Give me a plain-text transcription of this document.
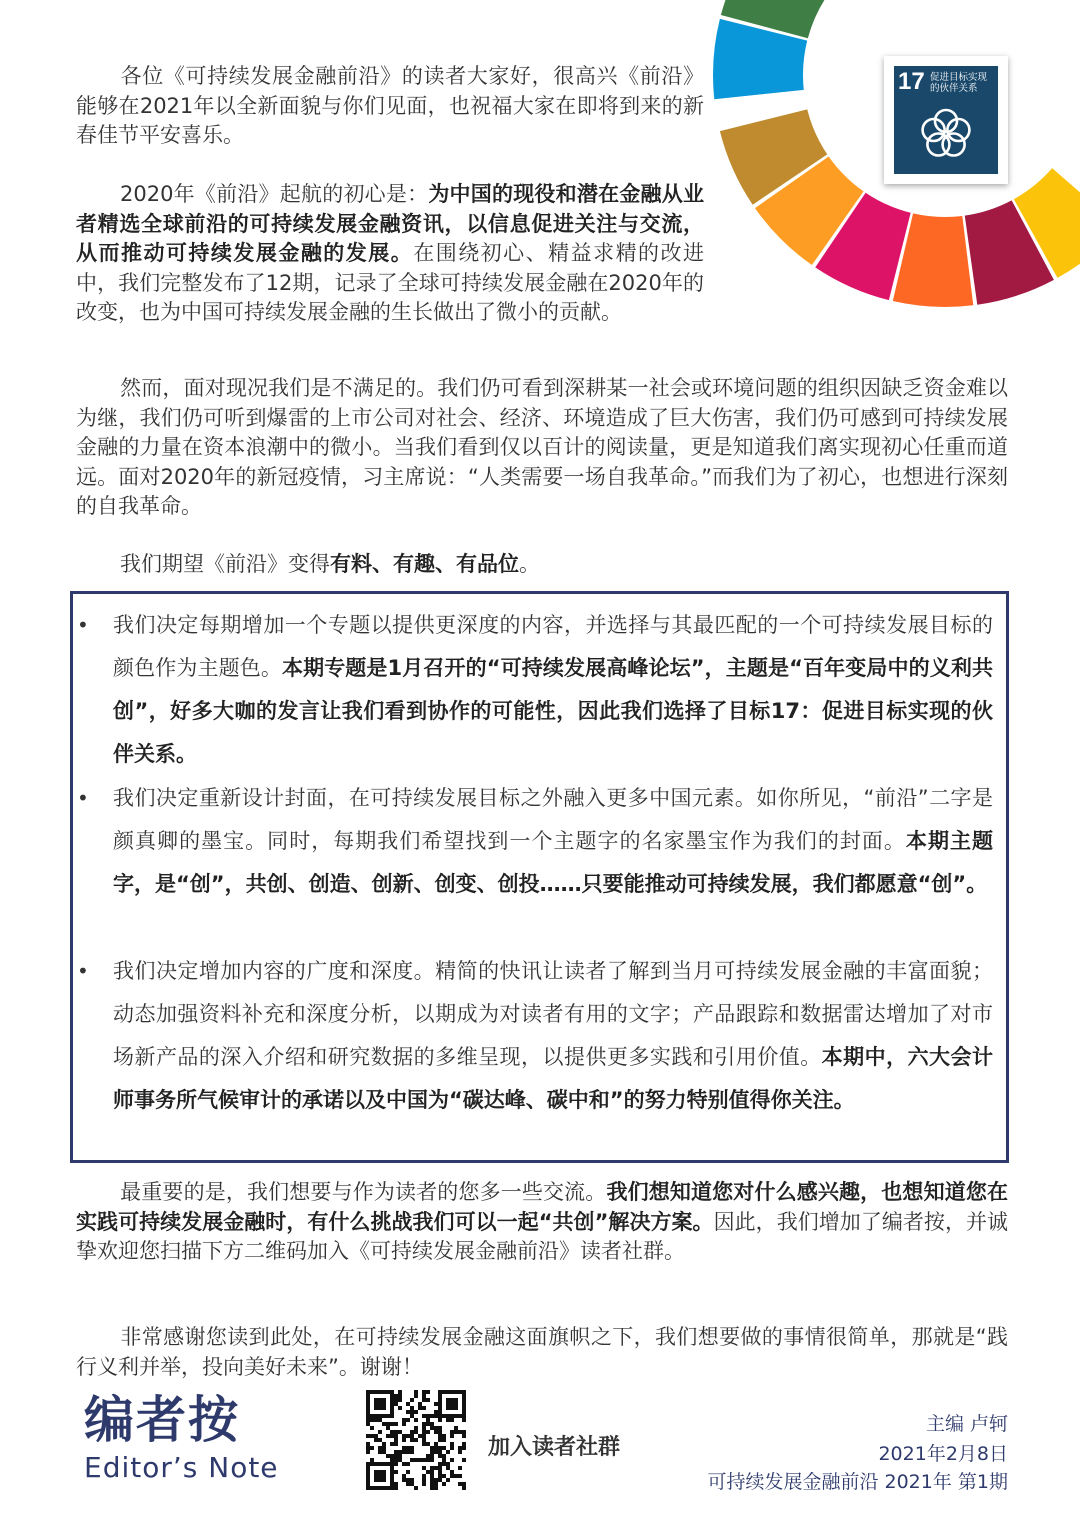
17 促进目标实现的伙伴关系

各位《可持续发展金融前沿》的读者大家好，很高兴《前沿》能够在2021年以全新面貌与你们见面，也祝福大家在即将到来的新春佳节平安喜乐。

2020年《前沿》起航的初心是：为中国的现役和潜在金融从业者精选全球前沿的可持续发展金融资讯，以信息促进关注与交流，从而推动可持续发展金融的发展。在围绕初心、精益求精的改进中，我们完整发布了12期，记录了全球可持续发展金融在2020年的改变，也为中国可持续发展金融的生长做出了微小的贡献。

然而，面对现况我们是不满足的。我们仍可看到深耕某一社会或环境问题的组织因缺乏资金难以为继，我们仍可听到爆雷的上市公司对社会、经济、环境造成了巨大伤害，我们仍可感到可持续发展金融的力量在资本浪潮中的微小。当我们看到仅以百计的阅读量，更是知道我们离实现初心任重而道远。面对2020年的新冠疫情，习主席说：“人类需要一场自我革命。”而我们为了初心，也想进行深刻的自我革命。

我们期望《前沿》变得有料、有趣、有品位。

• 我们决定每期增加一个专题以提供更深度的内容，并选择与其最匹配的一个可持续发展目标的颜色作为主题色。本期专题是1月召开的“可持续发展高峰论坛”，主题是“百年变局中的义利共创”，好多大咖的发言让我们看到协作的可能性，因此我们选择了目标17：促进目标实现的伙伴关系。

• 我们决定重新设计封面，在可持续发展目标之外融入更多中国元素。如你所见，“前沿”二字是颜真卿的墨宝。同时，每期我们希望找到一个主题字的名家墨宝作为我们的封面。本期主题字，是“创”，共创、创造、创新、创变、创投……只要能推动可持续发展，我们都愿意“创”。

• 我们决定增加内容的广度和深度。精简的快讯让读者了解到当月可持续发展金融的丰富面貌；动态加强资料补充和深度分析，以期成为对读者有用的文字；产品跟踪和数据雷达增加了对市场新产品的深入介绍和研究数据的多维呈现，以提供更多实践和引用价值。本期中，六大会计师事务所气候审计的承诺以及中国为“碳达峰、碳中和”的努力特别值得你关注。

最重要的是，我们想要与作为读者的您多一些交流。我们想知道您对什么感兴趣，也想知道您在实践可持续发展金融时，有什么挑战我们可以一起“共创”解决方案。因此，我们增加了编者按，并诚挚欢迎您扫描下方二维码加入《可持续发展金融前沿》读者社群。

非常感谢您读到此处，在可持续发展金融这面旗帜之下，我们想要做的事情很简单，那就是“践行义利并举，投向美好未来”。谢谢！

编者按
Editor’s Note
加入读者社群
主编 卢轲
2021年2月8日
可持续发展金融前沿 2021年 第1期
